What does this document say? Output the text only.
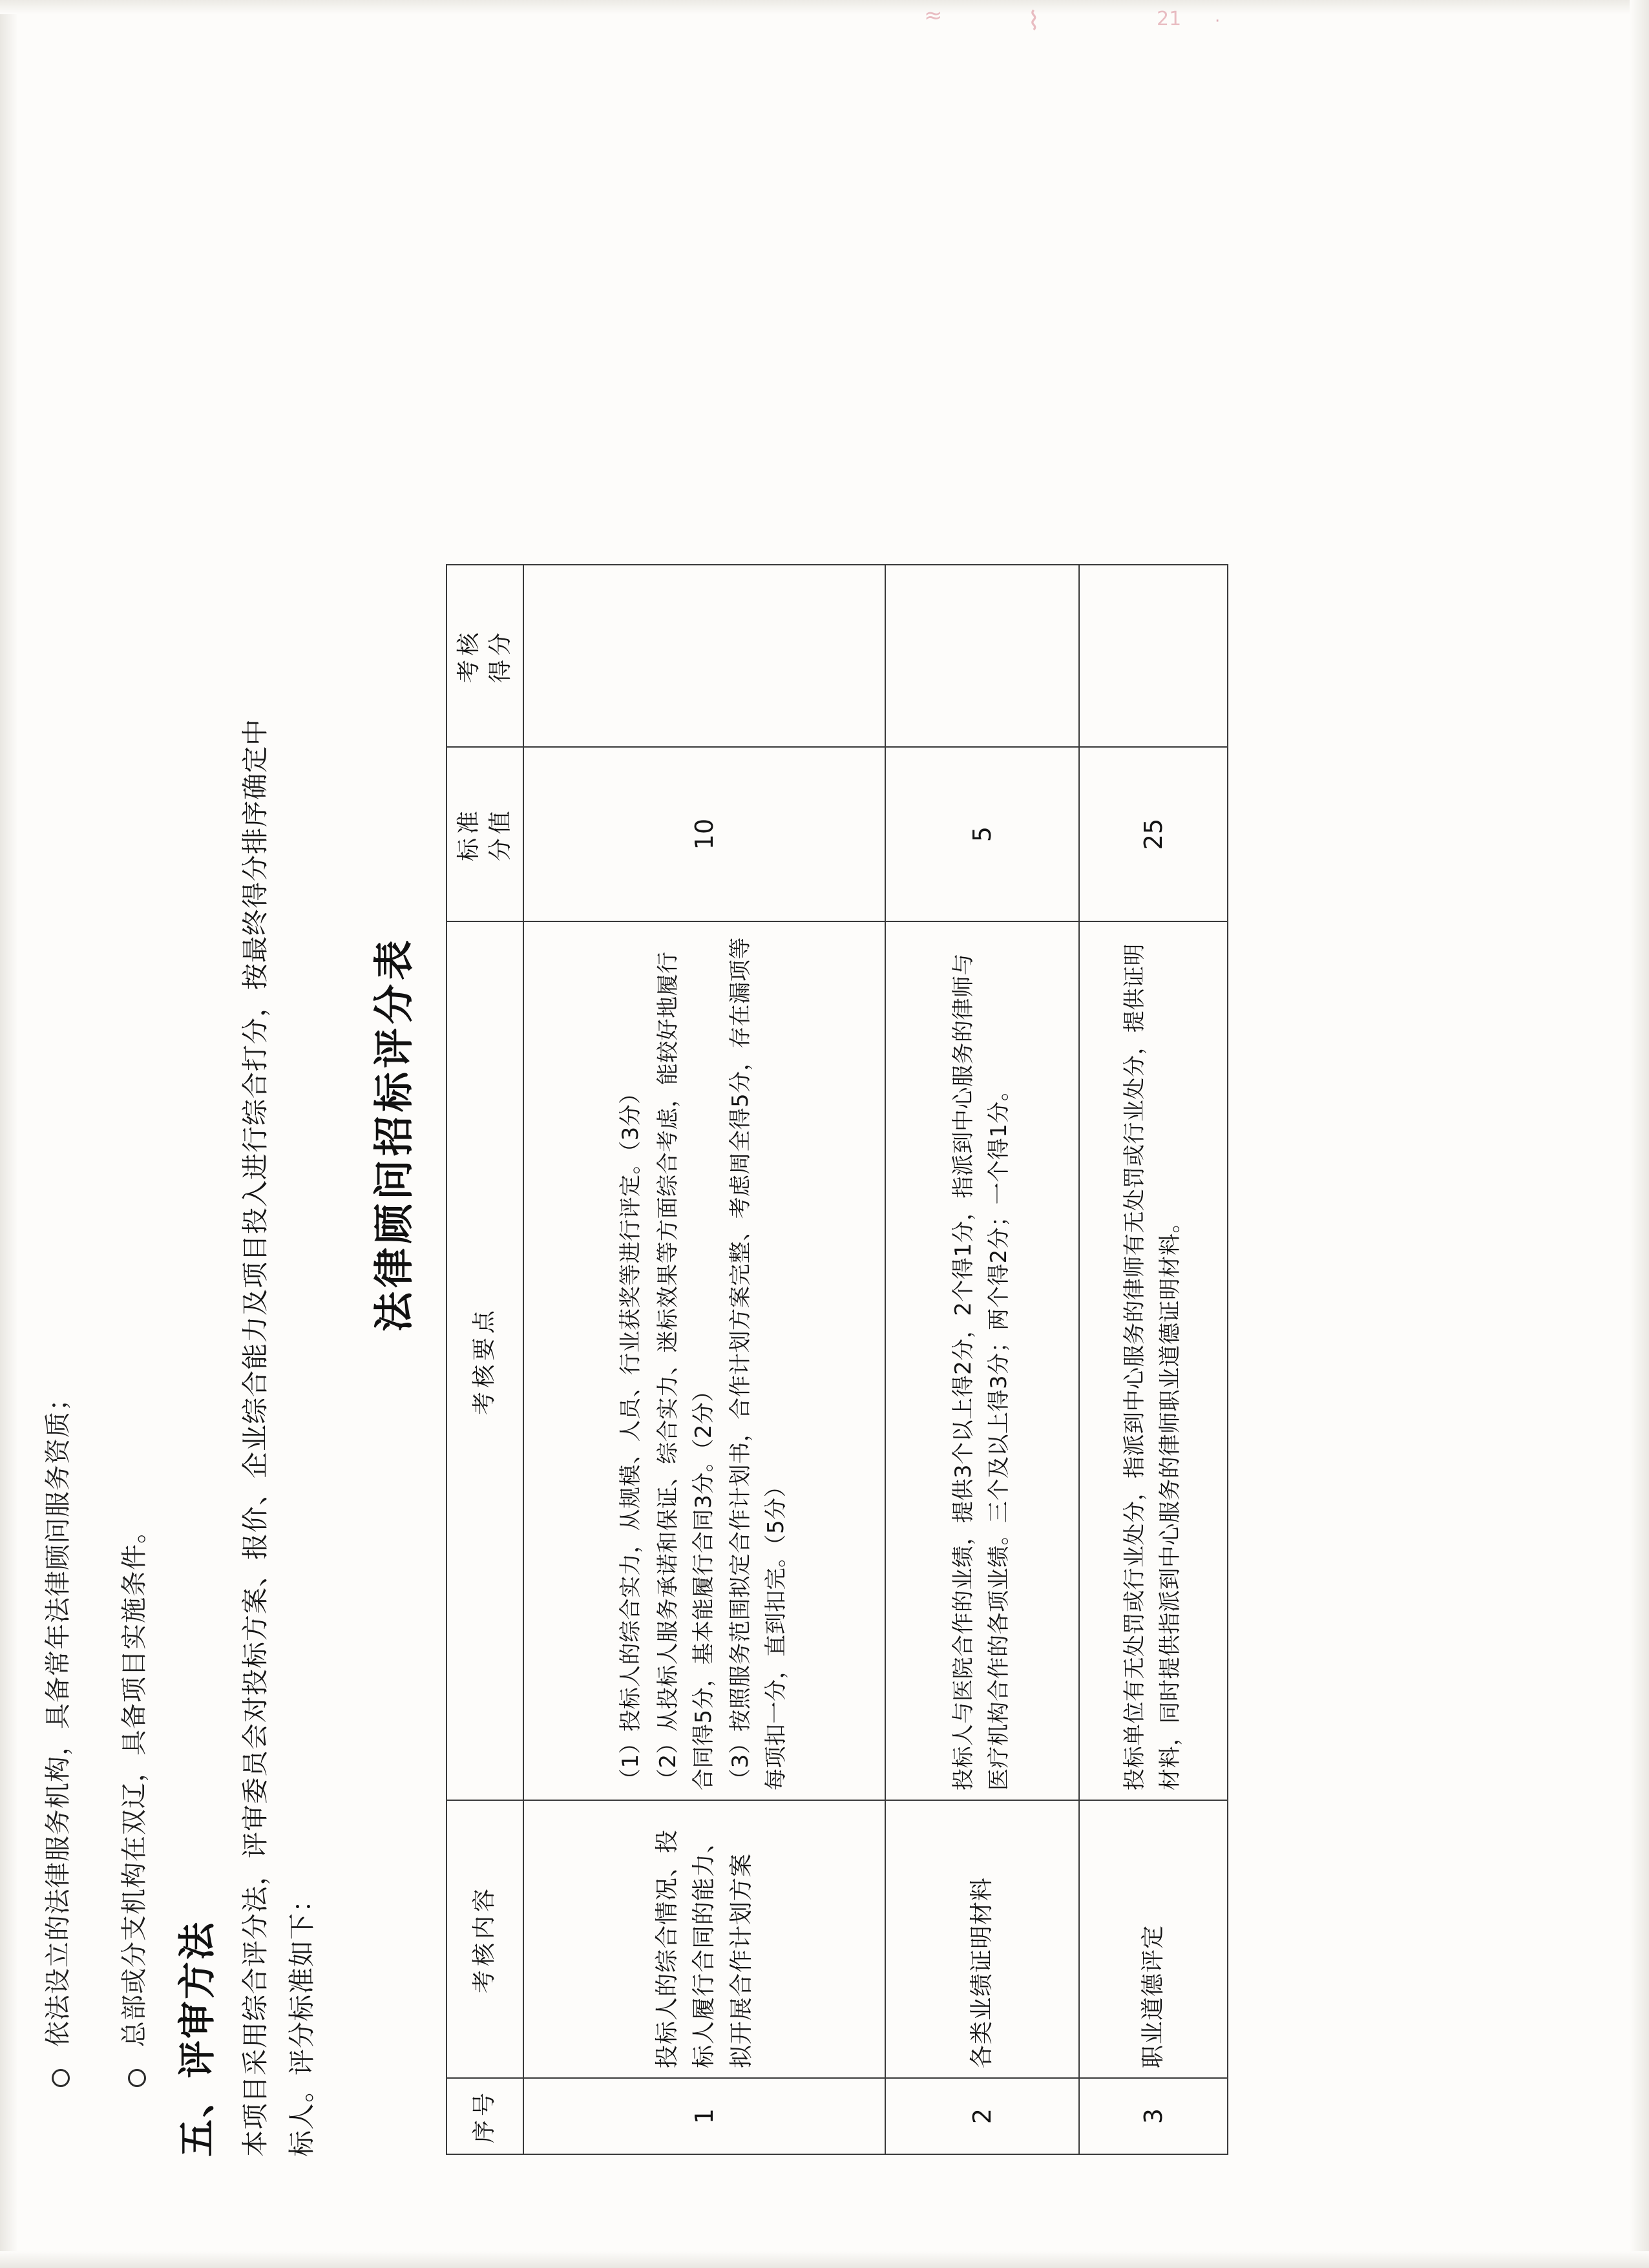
≈	⌇	21 ·
依法设立的法律服务机构，具备常年法律顾问服务资质； 总部或分支机构在双辽，具备项目实施条件。 五、评审方法 本项目采用综合评分法，评审委员会对投标方案、报价、企业综合能力及项目投入进行综合打分，按最终得分排序确定中 标人。评分标准如下：
法律顾问招标评分表
序号	考核内容	考核要点	标准 分值	考核 得分

1	投标人的综合情况、投标人履行合同的能力、拟开展合作计划方案	（1）投标人的综合实力，从规模、人员、行业获奖等进行评定。（3分） （2）从投标人服务承诺和保证、综合实力、迷标效果等方面综合考虑，能较好地履行合同得5分，基本能履行合同3分。（2分） （3）按照服务范围拟定合作计划书，合作计划方案完整、考虑周全得5分，存在漏项等每项扣一分，直到扣完。（5分）	10	
2	各类业绩证明材料	投标人与医院合作的业绩，提供3个以上得2分，2个得1分，指派到中心服务的律师与医疗机构合作的各项业绩。三个及以上得3分；两个得2分；一个得1分。	5	
3	职业道德评定	投标单位有无处罚或行业处分，指派到中心服务的律师有无处罚或行业处分，提供证明材料，同时提供指派到中心服务的律师职业道德证明材料。	25	
